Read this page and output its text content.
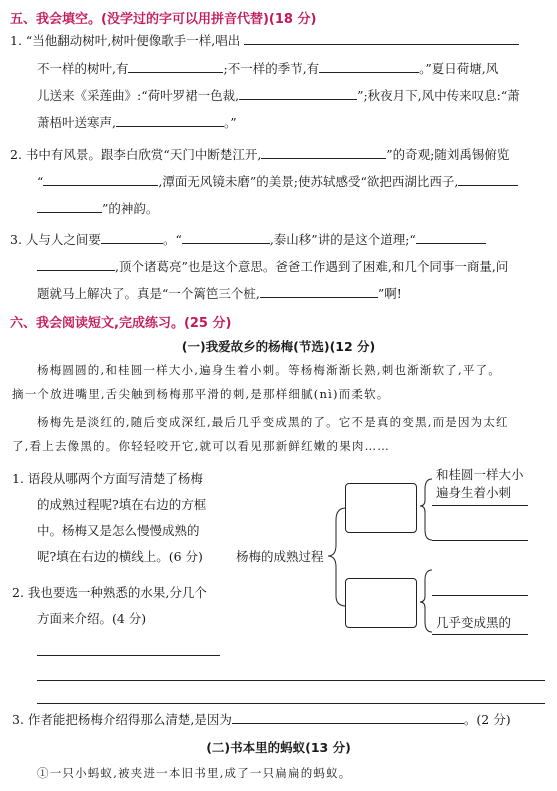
五、我会填空。(没学过的字可以用拼音代替)(18 分)
1. “当他翻动树叶,树叶便像歌手一样,唱出
不一样的树叶,有	;不一样的季节,有	。”夏日荷塘,风
儿送来《采莲曲》:“荷叶罗裙一色裁,	”;秋夜月下,风中传来叹息:“萧
萧梧叶送寒声,	。”
2. 书中有风景。跟李白欣赏“天门中断楚江开,	”的奇观;随刘禹锡俯览
“	,潭面无风镜未磨”的美景;使苏轼感受“欲把西湖比西子,
”的神韵。
3. 人与人之间要	。“	,泰山移”讲的是这个道理;“
,顶个诸葛亮”也是这个意思。爸爸工作遇到了困难,和几个同事一商量,问
题就马上解决了。真是“一个篱笆三个桩,	”啊!
六、我会阅读短文,完成练习。(25 分)
(一)我爱故乡的杨梅(节选)(12 分)
杨梅圆圆的,和桂圆一样大小,遍身生着小刺。等杨梅渐渐长熟,刺也渐渐软了,平了。
摘一个放进嘴里,舌尖触到杨梅那平滑的刺,是那样细腻(nì)而柔软。
杨梅先是淡红的,随后变成深红,最后几乎变成黑的了。它不是真的变黑,而是因为太红
了,看上去像黑的。你轻轻咬开它,就可以看见那新鲜红嫩的果肉……
1. 语段从哪两个方面写清楚了杨梅
的成熟过程呢?填在右边的方框
中。杨梅又是怎么慢慢成熟的
呢?填在右边的横线上。(6 分)
2. 我也要选一种熟悉的水果,分几个
方面来介绍。(4 分)
杨梅的成熟过程
和桂圆一样大小
遍身生着小刺
几乎变成黑的
3. 作者能把杨梅介绍得那么清楚,是因为	。(2 分)
(二)书本里的蚂蚁(13 分)
①一只小蚂蚁,被夹进一本旧书里,成了一只扁扁的蚂蚁。
